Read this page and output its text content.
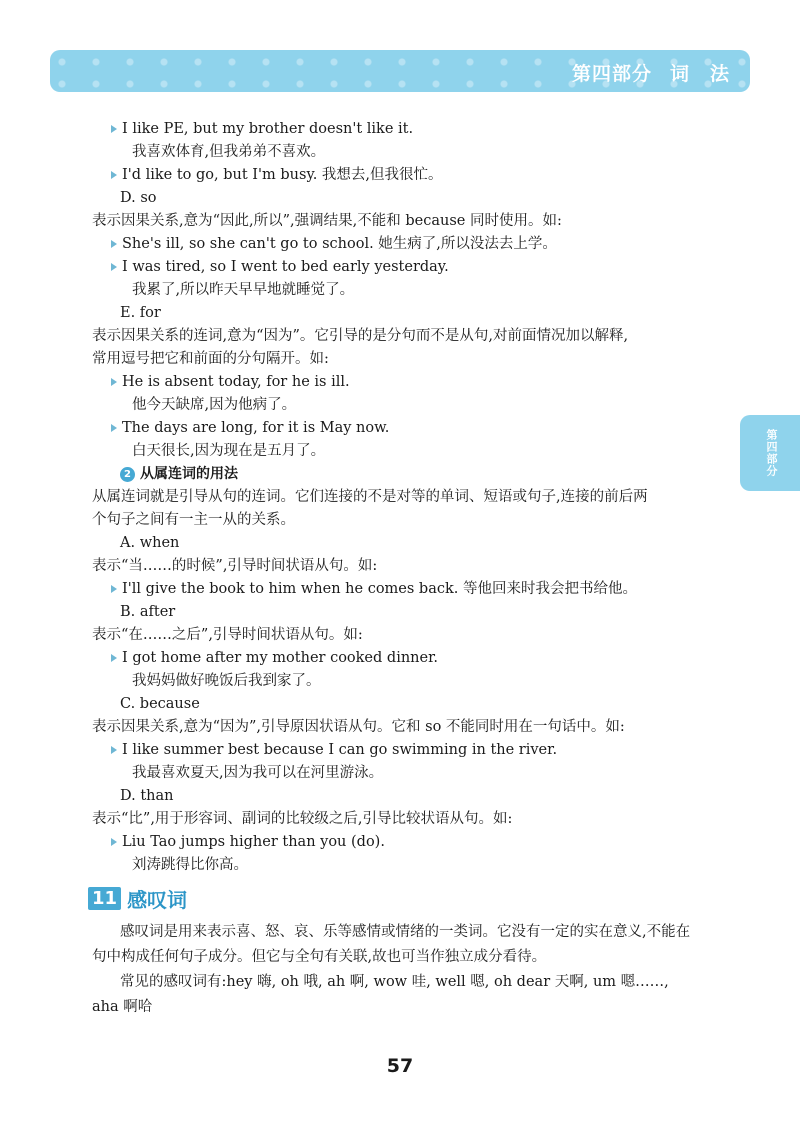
第四部分 词　法
第四部分
I like PE, but my brother doesn't like it.
我喜欢体育,但我弟弟不喜欢。
I'd like to go, but I'm busy. 我想去,但我很忙。
D. so
表示因果关系,意为“因此,所以”,强调结果,不能和 because 同时使用。如:
She's ill, so she can't go to school. 她生病了,所以没法去上学。
I was tired, so I went to bed early yesterday.
我累了,所以昨天早早地就睡觉了。
E. for
表示因果关系的连词,意为“因为”。它引导的是分句而不是从句,对前面情况加以解释,
常用逗号把它和前面的分句隔开。如:
He is absent today, for he is ill.
他今天缺席,因为他病了。
The days are long, for it is May now.
白天很长,因为现在是五月了。
2 从属连词的用法
从属连词就是引导从句的连词。它们连接的不是对等的单词、短语或句子,连接的前后两
个句子之间有一主一从的关系。
A. when
表示“当……的时候”,引导时间状语从句。如:
I'll give the book to him when he comes back. 等他回来时我会把书给他。
B. after
表示“在……之后”,引导时间状语从句。如:
I got home after my mother cooked dinner.
我妈妈做好晚饭后我到家了。
C. because
表示因果关系,意为“因为”,引导原因状语从句。它和 so 不能同时用在一句话中。如:
I like summer best because I can go swimming in the river.
我最喜欢夏天,因为我可以在河里游泳。
D. than
表示“比”,用于形容词、副词的比较级之后,引导比较状语从句。如:
Liu Tao jumps higher than you (do).
刘涛跳得比你高。
11 感叹词
感叹词是用来表示喜、怒、哀、乐等感情或情绪的一类词。它没有一定的实在意义,不能在
句中构成任何句子成分。但它与全句有关联,故也可当作独立成分看待。
常见的感叹词有:hey 嗨, oh 哦, ah 啊, wow 哇, well 嗯, oh dear 天啊, um 嗯……,
aha 啊哈
57
